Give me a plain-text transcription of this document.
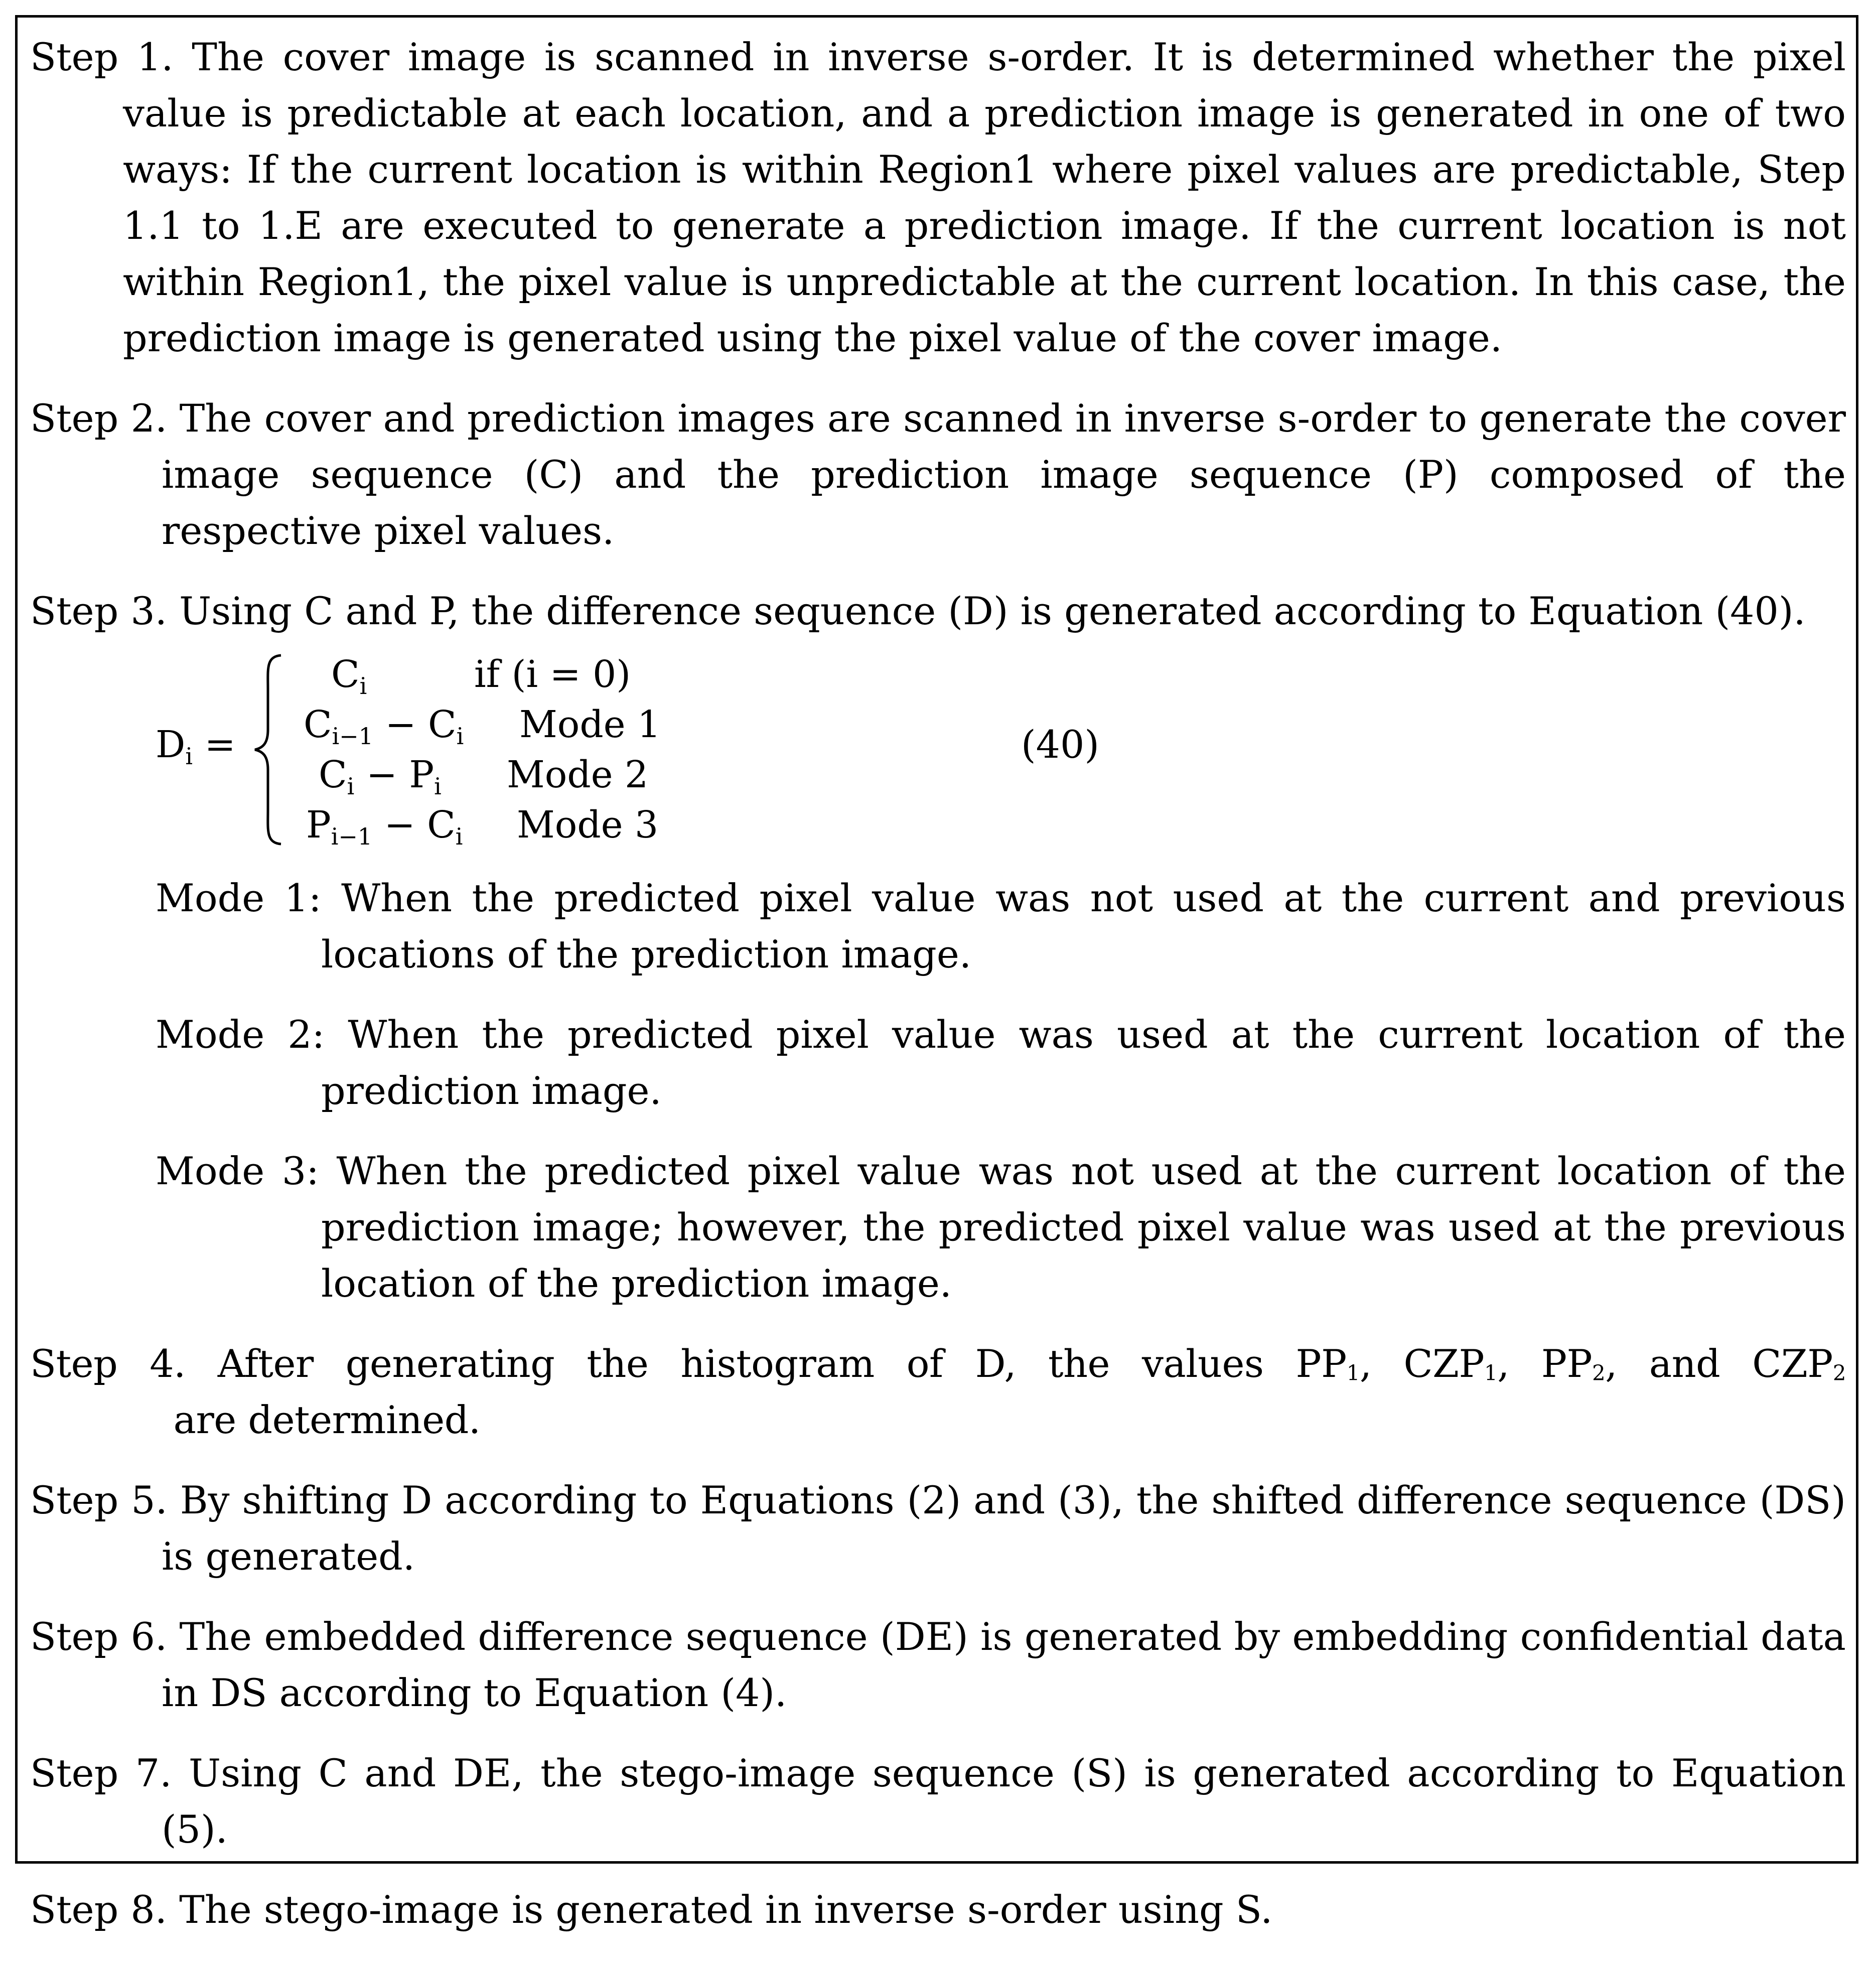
Step 1. The cover image is scanned in inverse s-order. It is determined whether the pixel value is predictable at each location, and a prediction image is generated in one of two ways: If the current location is within Region1 where pixel values are predictable, Step 1.1 to 1.E are executed to generate a prediction image. If the current location is not within Region1, the pixel value is unpredictable at the current location. In this case, the prediction image is generated using the pixel value of the cover image.
Step 2. The cover and prediction images are scanned in inverse s-order to generate the cover image sequence (C) and the prediction image sequence (P) composed of the respective pixel values.
Step 3. Using C and P, the difference sequence (D) is generated according to Equation (40).
$D_i$ =
$C_i$	if (i = 0)
$C_{i-1} - C_i$ Mode 1
$C_i - P_i$ Mode 2
$P_{i-1} - C_i$ Mode 3
(40)
Mode 1: When the predicted pixel value was not used at the current and previous locations of the prediction image.
Mode 2: When the predicted pixel value was used at the current location of the prediction image.
Mode 3: When the predicted pixel value was not used at the current location of the prediction image; however, the predicted pixel value was used at the previous location of the prediction image.
Step 4. After generating the histogram of D, the values $PP_1$, $CZP_1$, $PP_2$, and $CZP_2$ are determined.
Step 5. By shifting D according to Equations (2) and (3), the shifted difference sequence (DS) is generated.
Step 6. The embedded difference sequence (DE) is generated by embedding confidential data in DS according to Equation (4).
Step 7. Using C and DE, the stego-image sequence (S) is generated according to Equation (5).
Step 8. The stego-image is generated in inverse s-order using S.
